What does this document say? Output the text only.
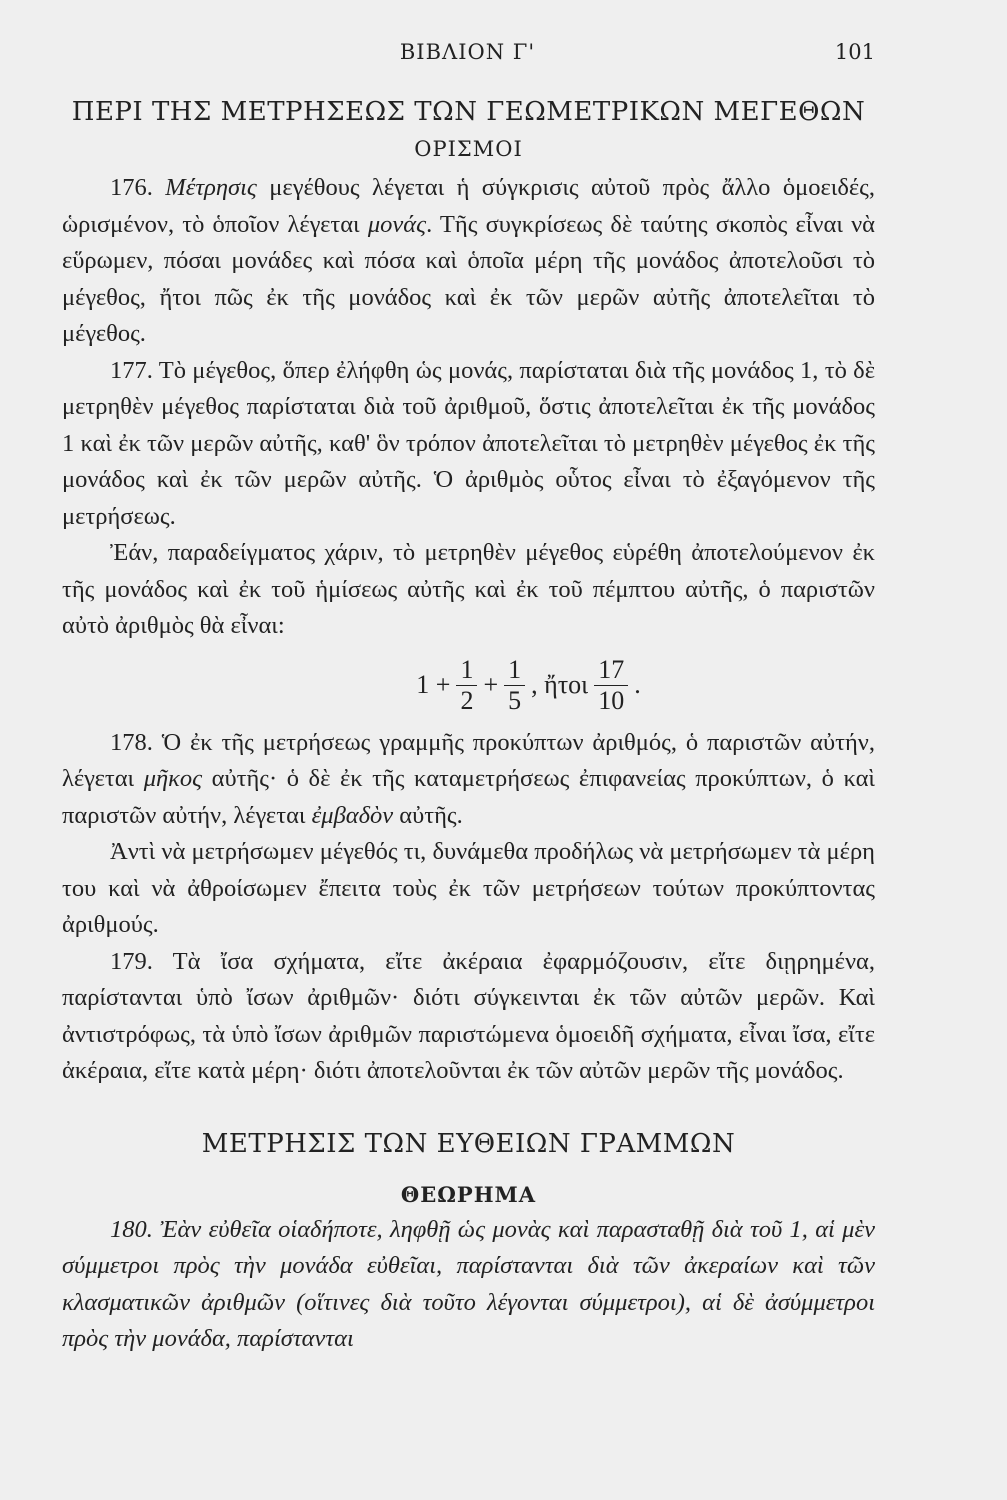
ΒΙΒΛΙΟΝ Γ'	101
ΠΕΡΙ ΤΗΣ ΜΕΤΡΗΣΕΩΣ ΤΩΝ ΓΕΩΜΕΤΡΙΚΩΝ ΜΕΓΕΘΩΝ
ΟΡΙΣΜΟΙ

176. Μέτρησις μεγέθους λέγεται ἡ σύγκρισις αὐτοῦ πρὸς ἄλλο ὁμοειδές, ὡρισμένον, τὸ ὁποῖον λέγεται μονάς. Τῆς συγκρίσεως δὲ ταύτης σκοπὸς εἶναι νὰ εὕρωμεν, πόσαι μονάδες καὶ πόσα καὶ ὁποῖα μέρη τῆς μονάδος ἀποτελοῦσι τὸ μέγεθος, ἤτοι πῶς ἐκ τῆς μονάδος καὶ ἐκ τῶν μερῶν αὐτῆς ἀποτελεῖται τὸ μέγεθος.

177. Τὸ μέγεθος, ὅπερ ἐλήφθη ὡς μονάς, παρίσταται διὰ τῆς μονάδος 1, τὸ δὲ μετρηθὲν μέγεθος παρίσταται διὰ τοῦ ἀριθμοῦ, ὅστις ἀποτελεῖται ἐκ τῆς μονάδος 1 καὶ ἐκ τῶν μερῶν αὐτῆς, καθ' ὃν τρόπον ἀποτελεῖται τὸ μετρηθὲν μέγεθος ἐκ τῆς μονάδος καὶ ἐκ τῶν μερῶν αὐτῆς. Ὁ ἀριθμὸς οὗτος εἶναι τὸ ἐξαγόμενον τῆς μετρήσεως.

Ἐάν, παραδείγματος χάριν, τὸ μετρηθὲν μέγεθος εὑρέθη ἀποτελούμενον ἐκ τῆς μονάδος καὶ ἐκ τοῦ ἡμίσεως αὐτῆς καὶ ἐκ τοῦ πέμπτου αὐτῆς, ὁ παριστῶν αὐτὸ ἀριθμὸς θὰ εἶναι:

$1 + \frac{1}{2} + \frac{1}{5}$ , ἤτοι $\frac{17}{10}$ .

178. Ὁ ἐκ τῆς μετρήσεως γραμμῆς προκύπτων ἀριθμός, ὁ παριστῶν αὐτήν, λέγεται μῆκος αὐτῆς· ὁ δὲ ἐκ τῆς καταμετρήσεως ἐπιφανείας προκύπτων, ὁ καὶ παριστῶν αὐτήν, λέγεται ἐμβαδὸν αὐτῆς.

Ἀντὶ νὰ μετρήσωμεν μέγεθός τι, δυνάμεθα προδήλως νὰ μετρήσωμεν τὰ μέρη του καὶ νὰ ἀθροίσωμεν ἔπειτα τοὺς ἐκ τῶν μετρήσεων τούτων προκύπτοντας ἀριθμούς.

179. Τὰ ἴσα σχήματα, εἴτε ἀκέραια ἐφαρμόζουσιν, εἴτε διῃρημένα, παρίστανται ὑπὸ ἴσων ἀριθμῶν· διότι σύγκεινται ἐκ τῶν αὐτῶν μερῶν. Καὶ ἀντιστρόφως, τὰ ὑπὸ ἴσων ἀριθμῶν παριστώμενα ὁμοειδῆ σχήματα, εἶναι ἴσα, εἴτε ἀκέραια, εἴτε κατὰ μέρη· διότι ἀποτελοῦνται ἐκ τῶν αὐτῶν μερῶν τῆς μονάδος.

ΜΕΤΡΗΣΙΣ ΤΩΝ ΕΥΘΕΙΩΝ ΓΡΑΜΜΩΝ
ΘΕΩΡΗΜΑ

180. Ἐὰν εὐθεῖα οἱαδήποτε, ληφθῇ ὡς μονὰς καὶ παρασταθῇ διὰ τοῦ 1, αἱ μὲν σύμμετροι πρὸς τὴν μονάδα εὐθεῖαι, παρίστανται διὰ τῶν ἀκεραίων καὶ τῶν κλασματικῶν ἀριθμῶν (οἵτινες διὰ τοῦτο λέγονται σύμμετροι), αἱ δὲ ἀσύμμετροι πρὸς τὴν μονάδα, παρίστανται
